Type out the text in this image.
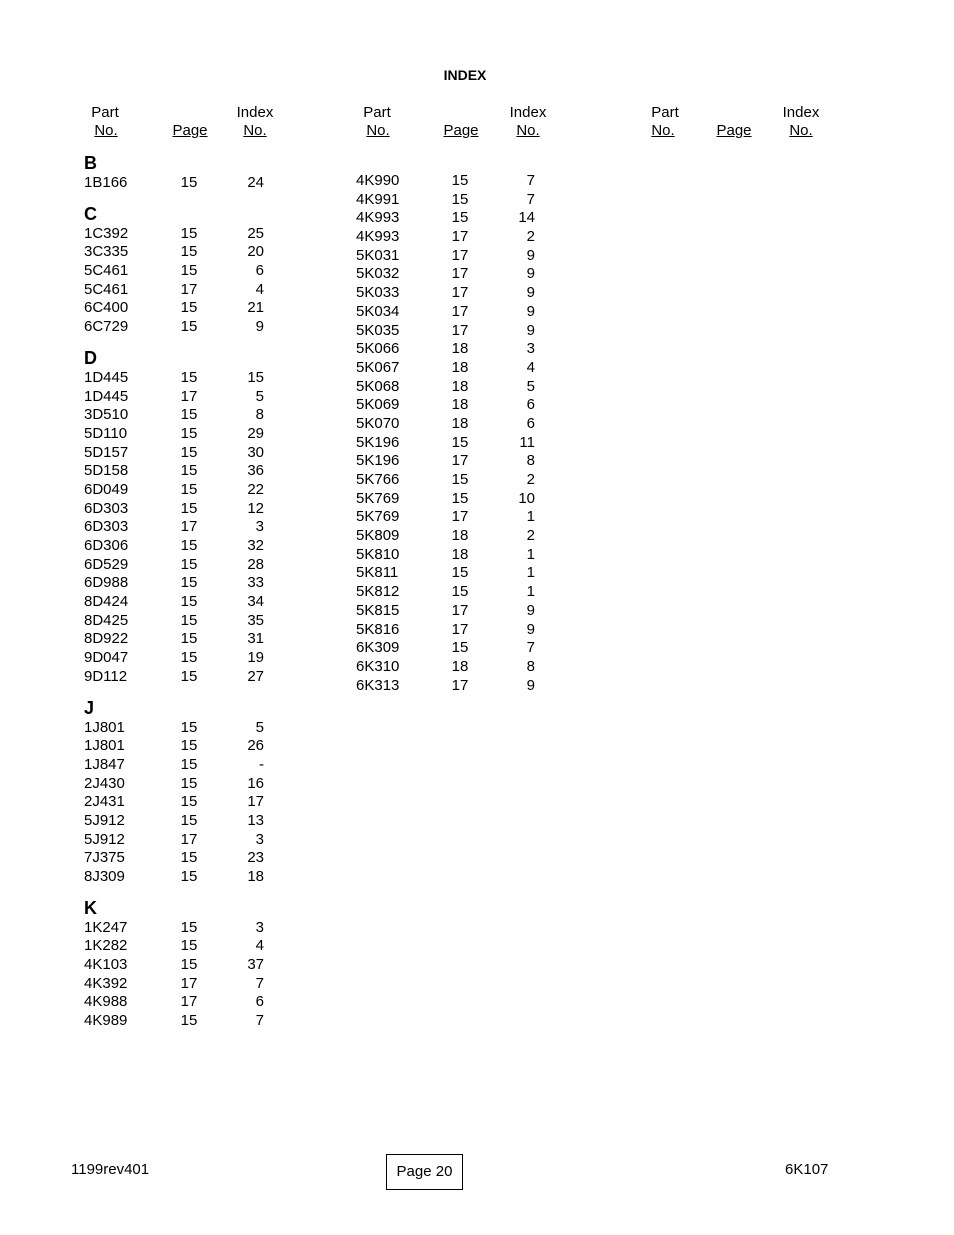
INDEX
Part
No.	Page
Index
No.
Part
No.	Page
Index
No.
Part
No.	Page
Index
No.
B
1B166	15	24
C
1C392	15	25
3C335	15	20
5C461	15	6
5C461	17	4
6C400	15	21
6C729	15	9
D
1D445	15	15
1D445	17	5
3D510	15	8
5D110	15	29
5D157	15	30
5D158	15	36
6D049	15	22
6D303	15	12
6D303	17	3
6D306	15	32
6D529	15	28
6D988	15	33
8D424	15	34
8D425	15	35
8D922	15	31
9D047	15	19
9D112	15	27
J
1J801	15	5
1J801	15	26
1J847	15	-
2J430	15	16
2J431	15	17
5J912	15	13
5J912	17	3
7J375	15	23
8J309	15	18
K
1K247	15	3
1K282	15	4
4K103	15	37
4K392	17	7
4K988	17	6
4K989	15	7
4K990	15	7
4K991	15	7
4K993	15	14
4K993	17	2
5K031	17	9
5K032	17	9
5K033	17	9
5K034	17	9
5K035	17	9
5K066	18	3
5K067	18	4
5K068	18	5
5K069	18	6
5K070	18	6
5K196	15	11
5K196	17	8
5K766	15	2
5K769	15	10
5K769	17	1
5K809	18	2
5K810	18	1
5K811	15	1
5K812	15	1
5K815	17	9
5K816	17	9
6K309	15	7
6K310	18	8
6K313	17	9
1199rev401	Page 20	6K107
